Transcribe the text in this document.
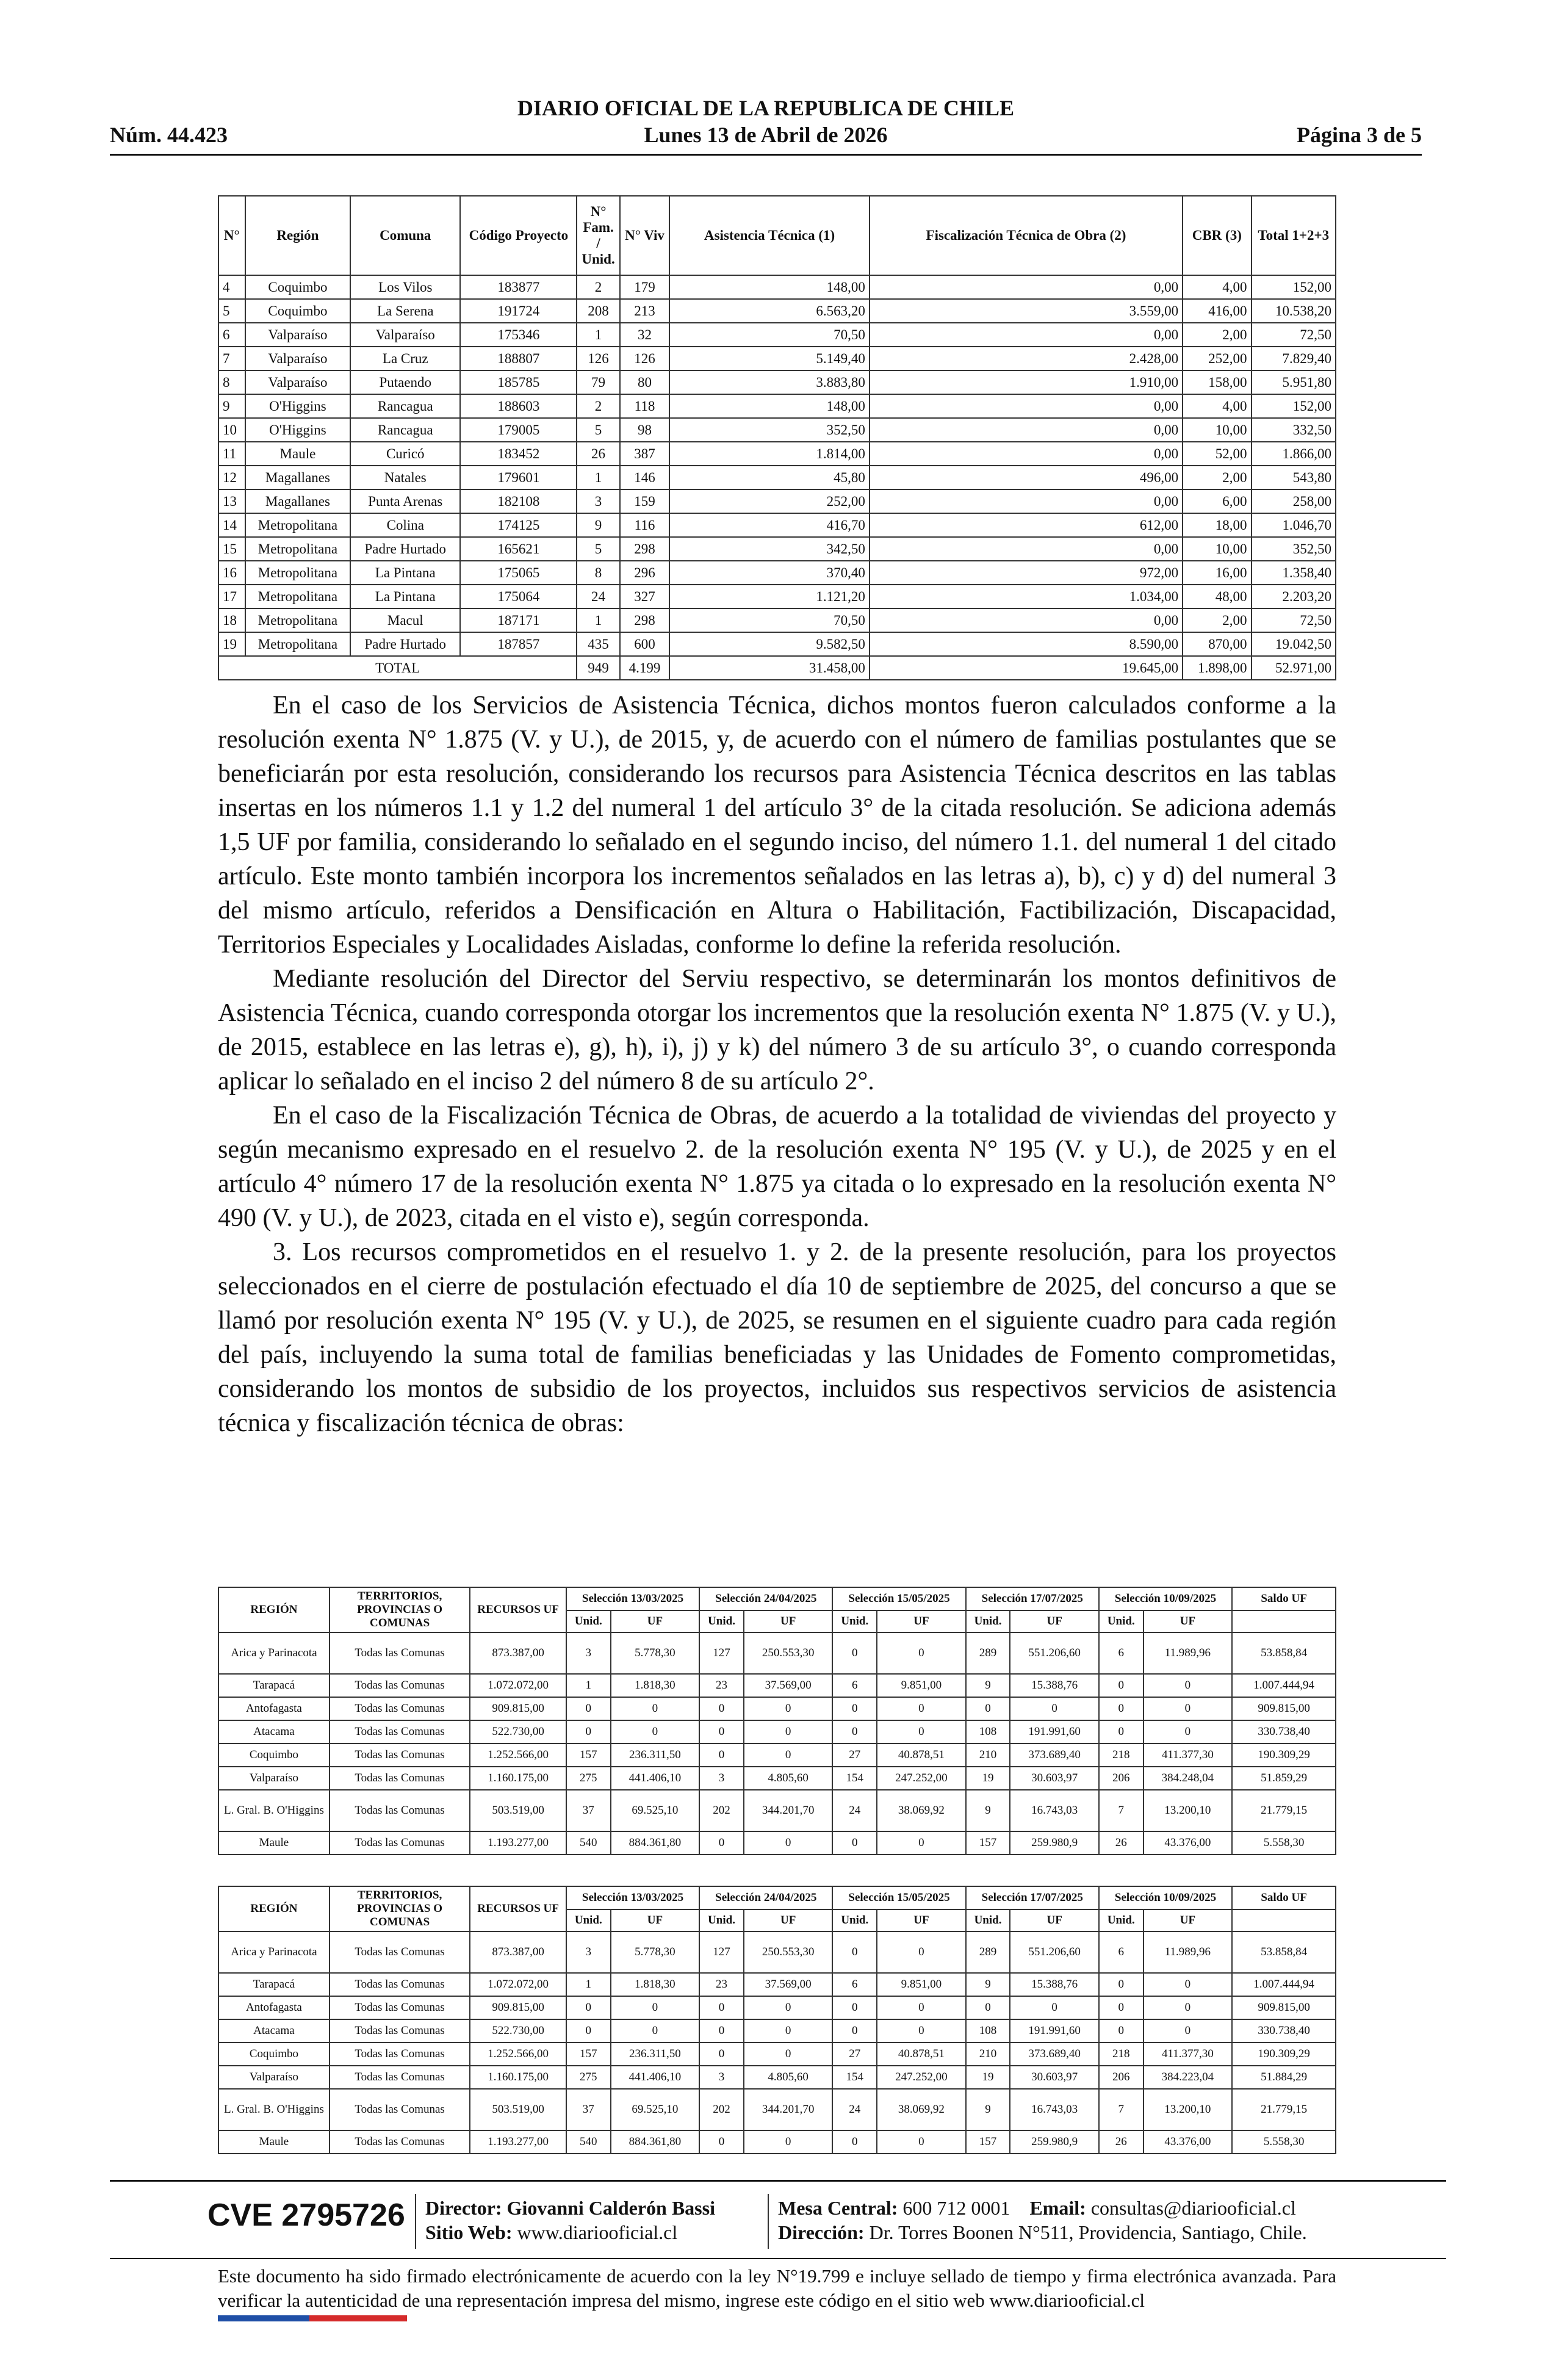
DIARIO OFICIAL DE LA REPUBLICA DE CHILE
Núm. 44.423	Lunes 13 de Abril de 2026	Página 3 de 5
N°	Región	Comuna	Código Proyecto	N° Fam. / Unid.	N° Viv	Asistencia Técnica (1)	Fiscalización Técnica de Obra (2)	CBR (3)	Total 1+2+3
4	Coquimbo	Los Vilos	183877	2	179	148,00	0,00	4,00	152,00
5	Coquimbo	La Serena	191724	208	213	6.563,20	3.559,00	416,00	10.538,20
6	Valparaíso	Valparaíso	175346	1	32	70,50	0,00	2,00	72,50
7	Valparaíso	La Cruz	188807	126	126	5.149,40	2.428,00	252,00	7.829,40
8	Valparaíso	Putaendo	185785	79	80	3.883,80	1.910,00	158,00	5.951,80
9	O'Higgins	Rancagua	188603	2	118	148,00	0,00	4,00	152,00
10	O'Higgins	Rancagua	179005	5	98	352,50	0,00	10,00	332,50
11	Maule	Curicó	183452	26	387	1.814,00	0,00	52,00	1.866,00
12	Magallanes	Natales	179601	1	146	45,80	496,00	2,00	543,80
13	Magallanes	Punta Arenas	182108	3	159	252,00	0,00	6,00	258,00
14	Metropolitana	Colina	174125	9	116	416,70	612,00	18,00	1.046,70
15	Metropolitana	Padre Hurtado	165621	5	298	342,50	0,00	10,00	352,50
16	Metropolitana	La Pintana	175065	8	296	370,40	972,00	16,00	1.358,40
17	Metropolitana	La Pintana	175064	24	327	1.121,20	1.034,00	48,00	2.203,20
18	Metropolitana	Macul	187171	1	298	70,50	0,00	2,00	72,50
19	Metropolitana	Padre Hurtado	187857	435	600	9.582,50	8.590,00	870,00	19.042,50
TOTAL				949	4.199	31.458,00	19.645,00	1.898,00	52.971,00

En el caso de los Servicios de Asistencia Técnica, dichos montos fueron calculados conforme a la resolución exenta N° 1.875 (V. y U.), de 2015, y, de acuerdo con el número de familias postulantes que se beneficiarán por esta resolución, considerando los recursos para Asistencia Técnica descritos en las tablas insertas en los números 1.1 y 1.2 del numeral 1 del artículo 3° de la citada resolución. Se adiciona además 1,5 UF por familia, considerando lo señalado en el segundo inciso, del número 1.1. del numeral 1 del citado artículo. Este monto también incorpora los incrementos señalados en las letras a), b), c) y d) del numeral 3 del mismo artículo, referidos a Densificación en Altura o Habilitación, Factibilización, Discapacidad, Territorios Especiales y Localidades Aisladas, conforme lo define la referida resolución.

Mediante resolución del Director del Serviu respectivo, se determinarán los montos definitivos de Asistencia Técnica, cuando corresponda otorgar los incrementos que la resolución exenta N° 1.875 (V. y U.), de 2015, establece en las letras e), g), h), i), j) y k) del número 3 de su artículo 3°, o cuando corresponda aplicar lo señalado en el inciso 2 del número 8 de su artículo 2°.

En el caso de la Fiscalización Técnica de Obras, de acuerdo a la totalidad de viviendas del proyecto y según mecanismo expresado en el resuelvo 2. de la resolución exenta N° 195 (V. y U.), de 2025 y en el artículo 4° número 17 de la resolución exenta N° 1.875 ya citada o lo expresado en la resolución exenta N° 490 (V. y U.), de 2023, citada en el visto e), según corresponda.

3. Los recursos comprometidos en el resuelvo 1. y 2. de la presente resolución, para los proyectos seleccionados en el cierre de postulación efectuado el día 10 de septiembre de 2025, del concurso a que se llamó por resolución exenta N° 195 (V. y U.), de 2025, se resumen en el siguiente cuadro para cada región del país, incluyendo la suma total de familias beneficiadas y las Unidades de Fomento comprometidas, considerando los montos de subsidio de los proyectos, incluidos sus respectivos servicios de asistencia técnica y fiscalización técnica de obras:

REGIÓN	TERRITORIOS, PROVINCIAS O COMUNAS	RECURSOS UF	Selección 13/03/2025		Selección 24/04/2025		Selección 15/05/2025		Selección 17/07/2025		Selección 10/09/2025		Saldo UF
			Unid.	UF	Unid.	UF	Unid.	UF	Unid.	UF	Unid.	UF	
Arica y Parinacota	Todas las Comunas	873.387,00	3	5.778,30	127	250.553,30	0	0	289	551.206,60	6	11.989,96	53.858,84
Tarapacá	Todas las Comunas	1.072.072,00	1	1.818,30	23	37.569,00	6	9.851,00	9	15.388,76	0	0	1.007.444,94
Antofagasta	Todas las Comunas	909.815,00	0	0	0	0	0	0	0	0	0	0	909.815,00
Atacama	Todas las Comunas	522.730,00	0	0	0	0	0	0	108	191.991,60	0	0	330.738,40
Coquimbo	Todas las Comunas	1.252.566,00	157	236.311,50	0	0	27	40.878,51	210	373.689,40	218	411.377,30	190.309,29
Valparaíso	Todas las Comunas	1.160.175,00	275	441.406,10	3	4.805,60	154	247.252,00	19	30.603,97	206	384.248,04	51.859,29
L. Gral. B. O'Higgins	Todas las Comunas	503.519,00	37	69.525,10	202	344.201,70	24	38.069,92	9	16.743,03	7	13.200,10	21.779,15
Maule	Todas las Comunas	1.193.277,00	540	884.361,80	0	0	0	0	157	259.980,9	26	43.376,00	5.558,30
REGIÓN	TERRITORIOS, PROVINCIAS O COMUNAS	RECURSOS UF	Selección 13/03/2025		Selección 24/04/2025		Selección 15/05/2025		Selección 17/07/2025		Selección 10/09/2025		Saldo UF
			Unid.	UF	Unid.	UF	Unid.	UF	Unid.	UF	Unid.	UF	
Arica y Parinacota	Todas las Comunas	873.387,00	3	5.778,30	127	250.553,30	0	0	289	551.206,60	6	11.989,96	53.858,84
Tarapacá	Todas las Comunas	1.072.072,00	1	1.818,30	23	37.569,00	6	9.851,00	9	15.388,76	0	0	1.007.444,94
Antofagasta	Todas las Comunas	909.815,00	0	0	0	0	0	0	0	0	0	0	909.815,00
Atacama	Todas las Comunas	522.730,00	0	0	0	0	0	0	108	191.991,60	0	0	330.738,40
Coquimbo	Todas las Comunas	1.252.566,00	157	236.311,50	0	0	27	40.878,51	210	373.689,40	218	411.377,30	190.309,29
Valparaíso	Todas las Comunas	1.160.175,00	275	441.406,10	3	4.805,60	154	247.252,00	19	30.603,97	206	384.223,04	51.884,29
L. Gral. B. O'Higgins	Todas las Comunas	503.519,00	37	69.525,10	202	344.201,70	24	38.069,92	9	16.743,03	7	13.200,10	21.779,15
Maule	Todas las Comunas	1.193.277,00	540	884.361,80	0	0	0	0	157	259.980,9	26	43.376,00	5.558,30
CVE 2795726 Director: Giovanni Calderón Bassi
Sitio Web: www.diariooficial.cl
Mesa Central: 600 712 0001 Email: consultas@diariooficial.cl
Dirección: Dr. Torres Boonen N°511, Providencia, Santiago, Chile.
Este documento ha sido firmado electrónicamente de acuerdo con la ley N°19.799 e incluye sellado de tiempo y firma electrónica avanzada. Para verificar la autenticidad de una representación impresa del mismo, ingrese este código en el sitio web www.diariooficial.cl
